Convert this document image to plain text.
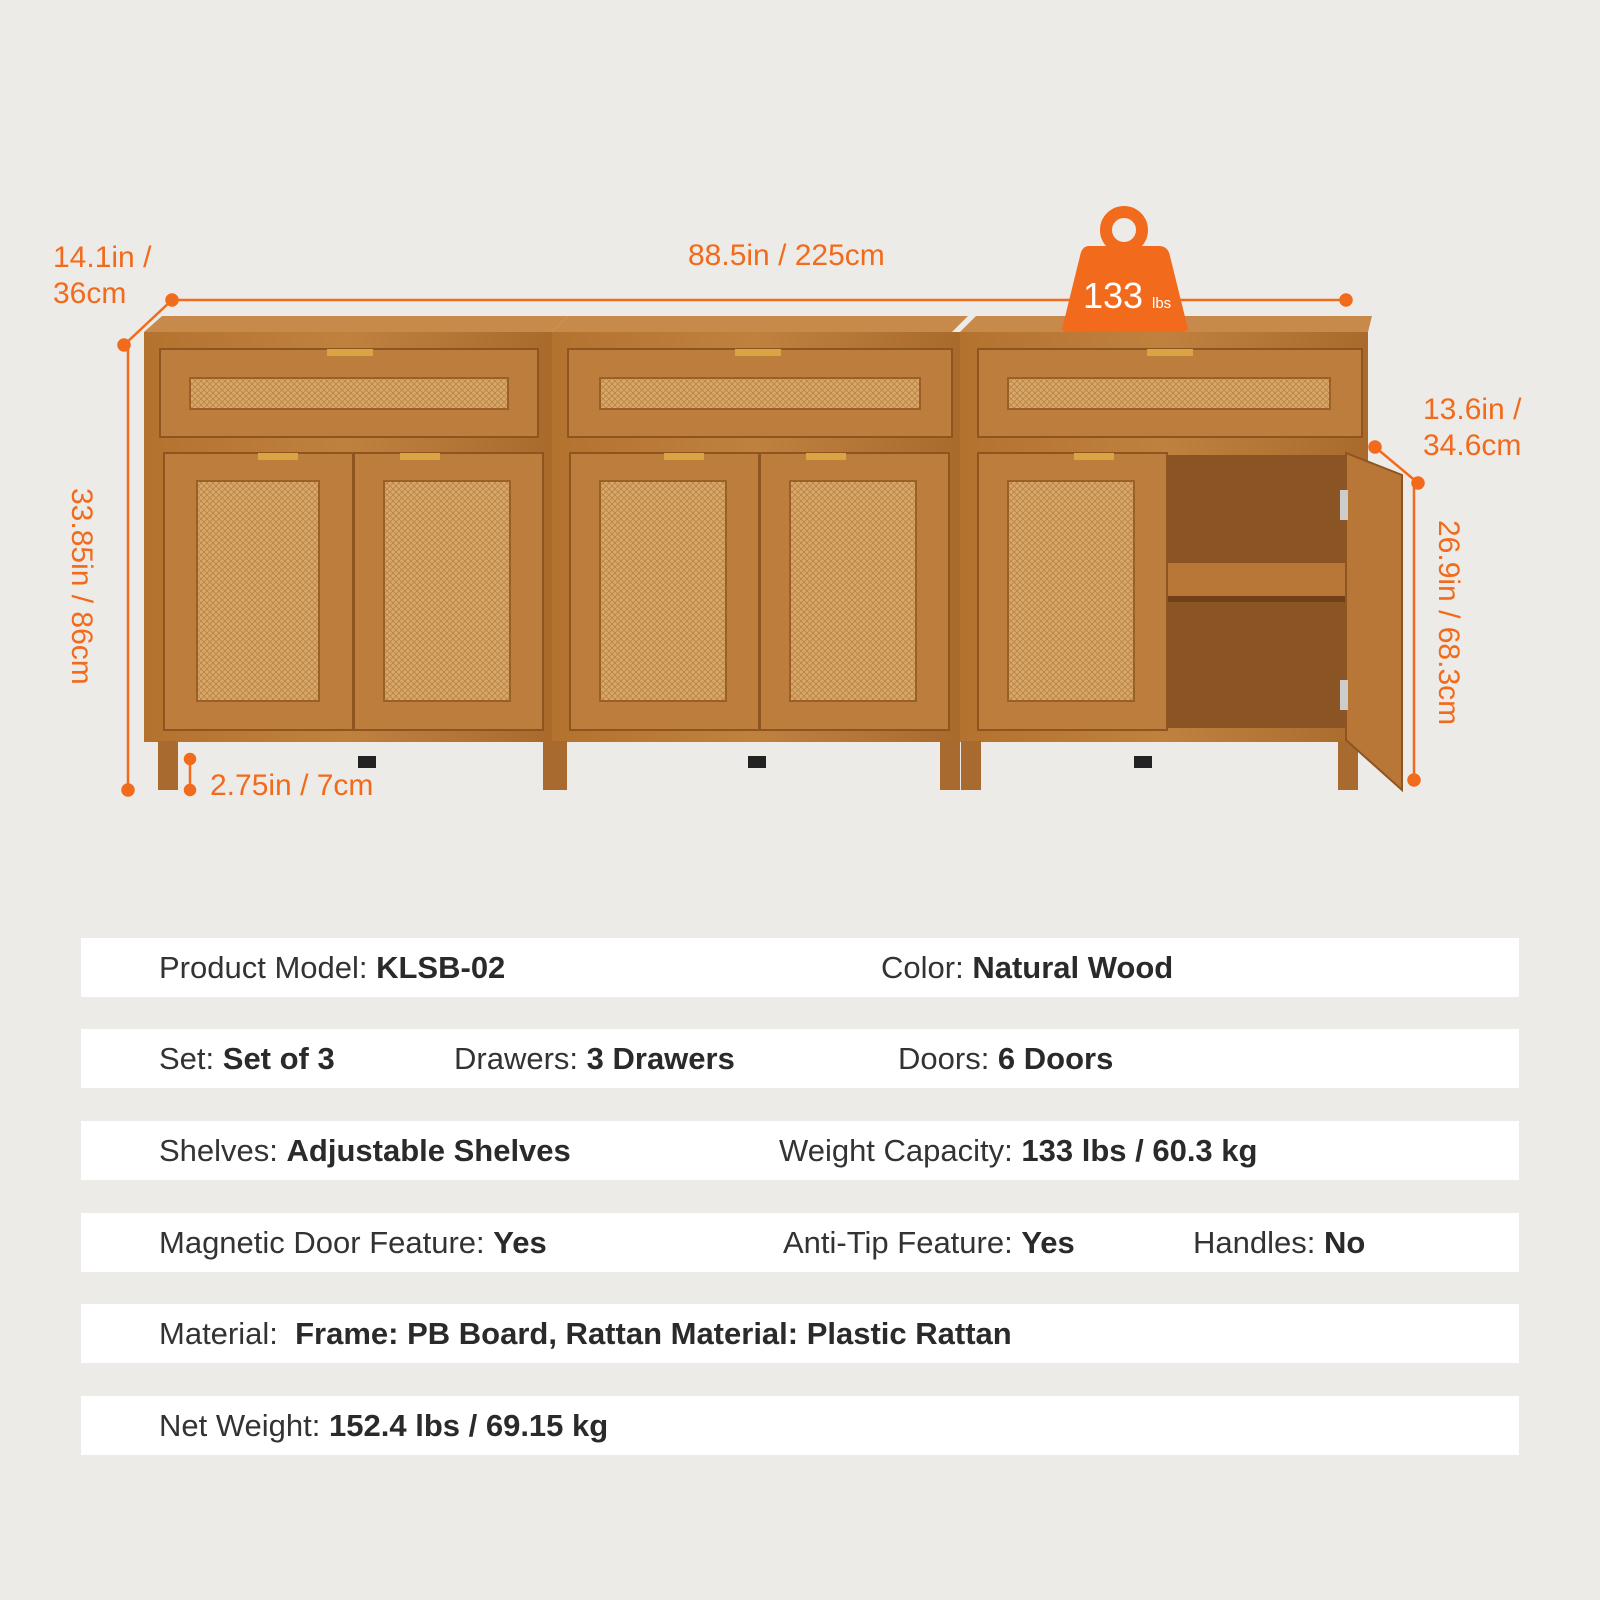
133 lbs
14.1in /
36cm
88.5in / 225cm
13.6in /
34.6cm
33.85in / 86cm	26.9in / 68.3cm
2.75in / 7cm
Product Model: KLSB-02	Color: Natural Wood
Set: Set of 3	Drawers: 3 Drawers	Doors: 6 Doors
Shelves: Adjustable Shelves	Weight Capacity: 133 lbs / 60.3 kg
Magnetic Door Feature: Yes	Anti-Tip Feature: Yes	Handles: No
Material:  Frame: PB Board, Rattan Material: Plastic Rattan
Net Weight: 152.4 lbs / 69.15 kg
